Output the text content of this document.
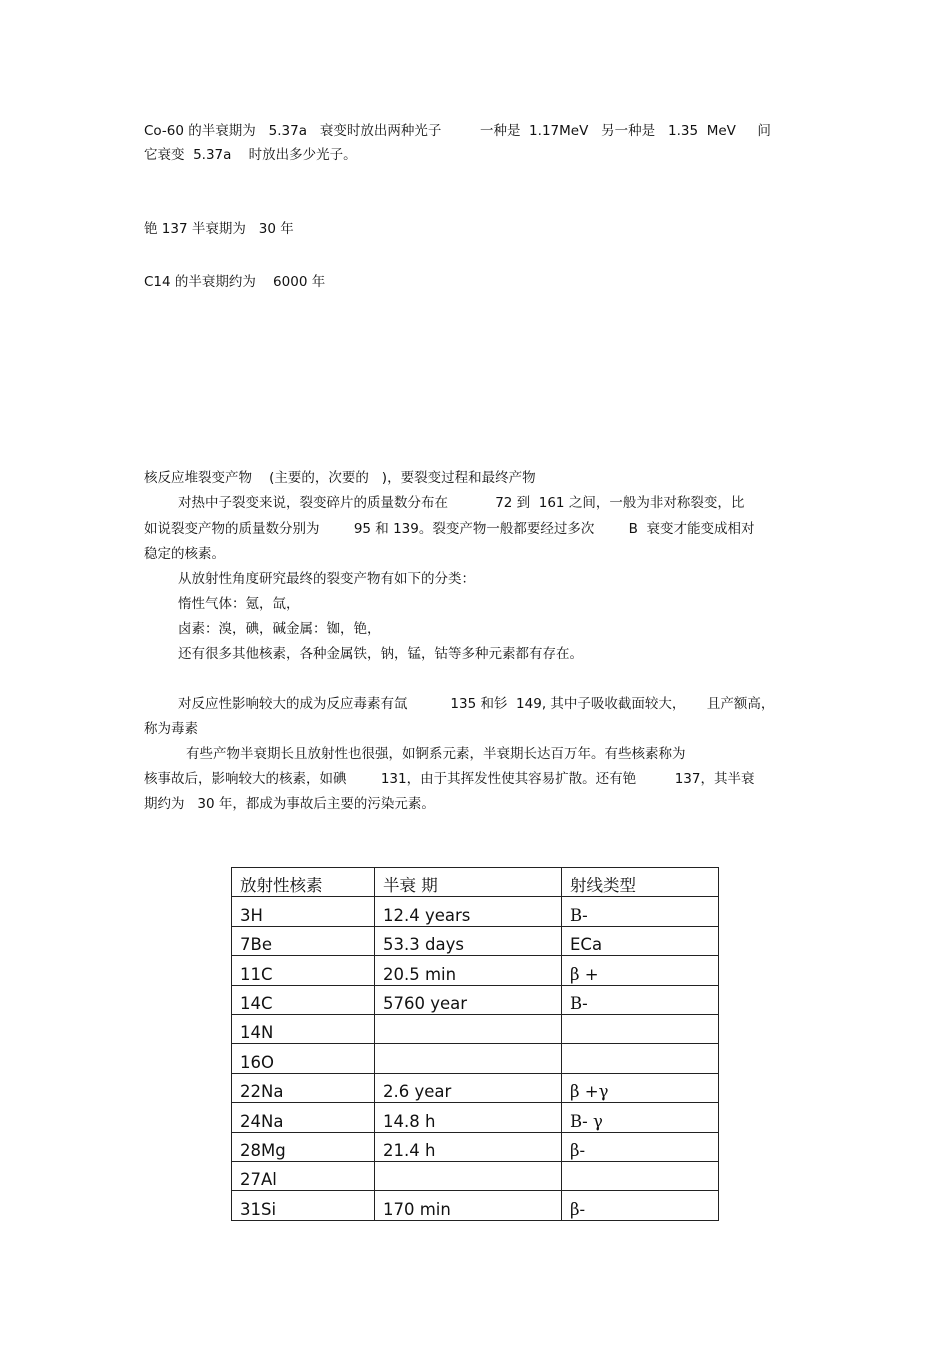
Co-60 的半衰期为   5.37a   衰变时放出两种光子         一种是  1.17MeV   另一种是   1.35  MeV     问
它衰变  5.37a    时放出多少光子。
铯 137 半衰期为   30 年
C14 的半衰期约为    6000 年
核反应堆裂变产物    (主要的，次要的   )，要裂变过程和最终产物
对热中子裂变来说，裂变碎片的质量数分布在           72 到  161 之间，一般为非对称裂变，比
如说裂变产物的质量数分别为        95 和 139。裂变产物一般都要经过多次        Β  衰变才能变成相对
稳定的核素。
从放射性角度研究最终的裂变产物有如下的分类：
惰性气体：氪，氙，
卤素：溴，碘，碱金属：铷，铯，
还有很多其他核素，各种金属铁，钠，锰，钴等多种元素都有存在。
对反应性影响较大的成为反应毒素有氙          135 和钐  149, 其中子吸收截面较大，     且产额高，
称为毒素
有些产物半衰期长且放射性也很强，如锕系元素，半衰期长达百万年。有些核素称为
核事故后，影响较大的核素，如碘        131，由于其挥发性使其容易扩散。还有铯         137，其半衰
期约为   30 年，都成为事故后主要的污染元素。
放射性核素	半衰 期	射线类型
3H	12.4 years	Β-
7Be	53.3 days	ECa
11C	20.5 min	β +
14C	5760 year	Β-
14N		
16O		
22Na	2.6 year	β +γ
24Na	14.8 h	Β- γ
28Mg	21.4 h	β-
27Al		
31Si	170 min	β-
